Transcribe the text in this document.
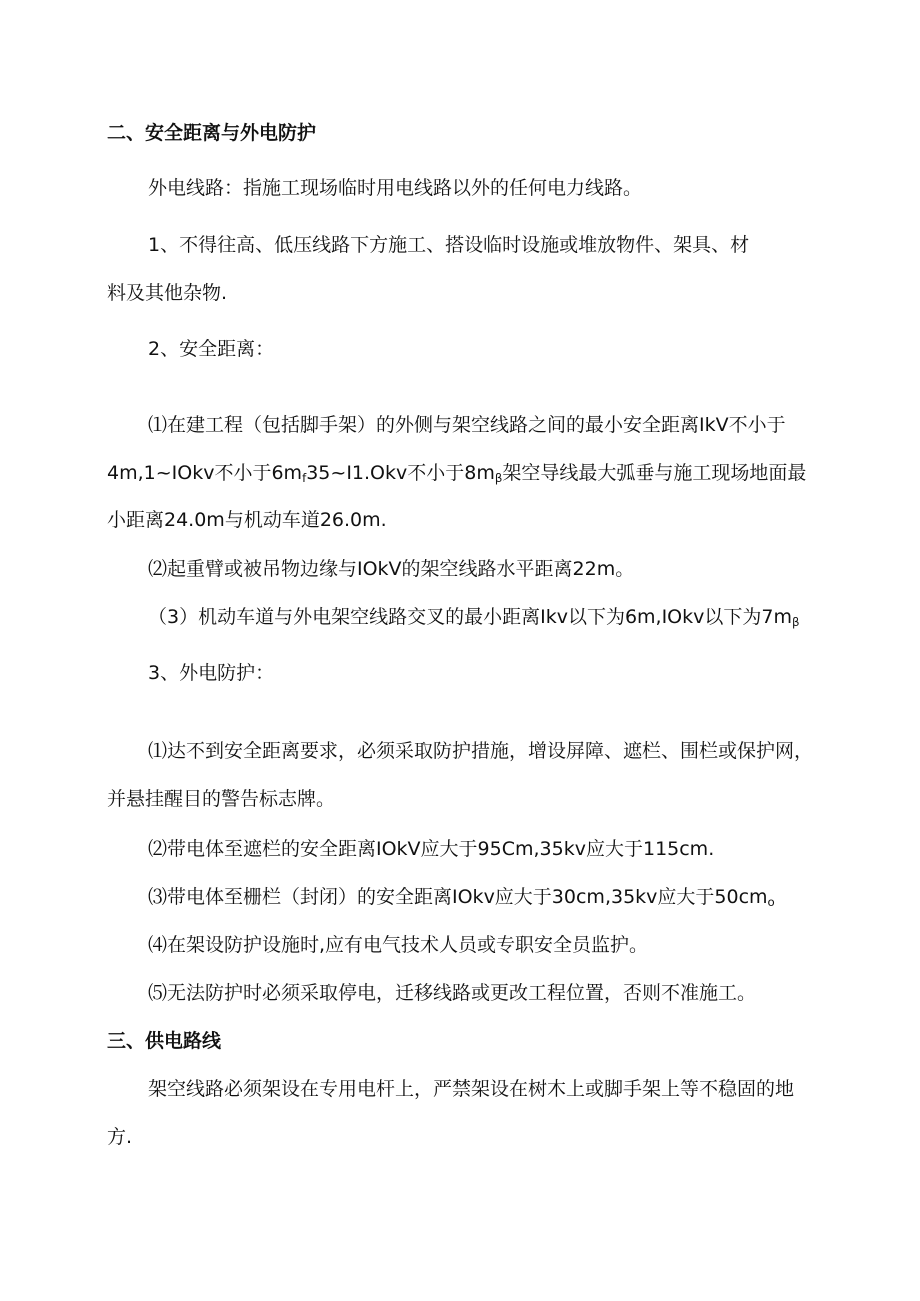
二、安全距离与外电防护
外电线路：指施工现场临时用电线路以外的任何电力线路。
1、不得往高、低压线路下方施工、搭设临时设施或堆放物件、架具、材
料及其他杂物.
2、安全距离：
⑴在建工程（包括脚手架）的外侧与架空线路之间的最小安全距离IkV不小于
4m,1~IOkv不小于$6m_f35\sim I1.Okv$不小于$8m_\beta$架空导线最大弧垂与施工现场地面最
小距离24.0m与机动车道26.0m.
⑵起重臂或被吊物边缘与IOkV的架空线路水平距离22m。
（3）机动车道与外电架空线路交叉的最小距离Ikv以下为6m,IOkv以下为$7m_\beta$
3、外电防护：
⑴达不到安全距离要求，必须采取防护措施，增设屏障、遮栏、围栏或保护网，
并悬挂醒目的警告标志牌。
⑵带电体至遮栏的安全距离IOkV应大于95Cm,35kv应大于115cm.
⑶带电体至栅栏（封闭）的安全距离IOkv应大于30cm,35kv应大于$50cm_o$
⑷在架设防护设施时,应有电气技术人员或专职安全员监护。
⑸无法防护时必须采取停电，迁移线路或更改工程位置，否则不准施工。
三、供电路线
架空线路必须架设在专用电杆上，严禁架设在树木上或脚手架上等不稳固的地
方.
